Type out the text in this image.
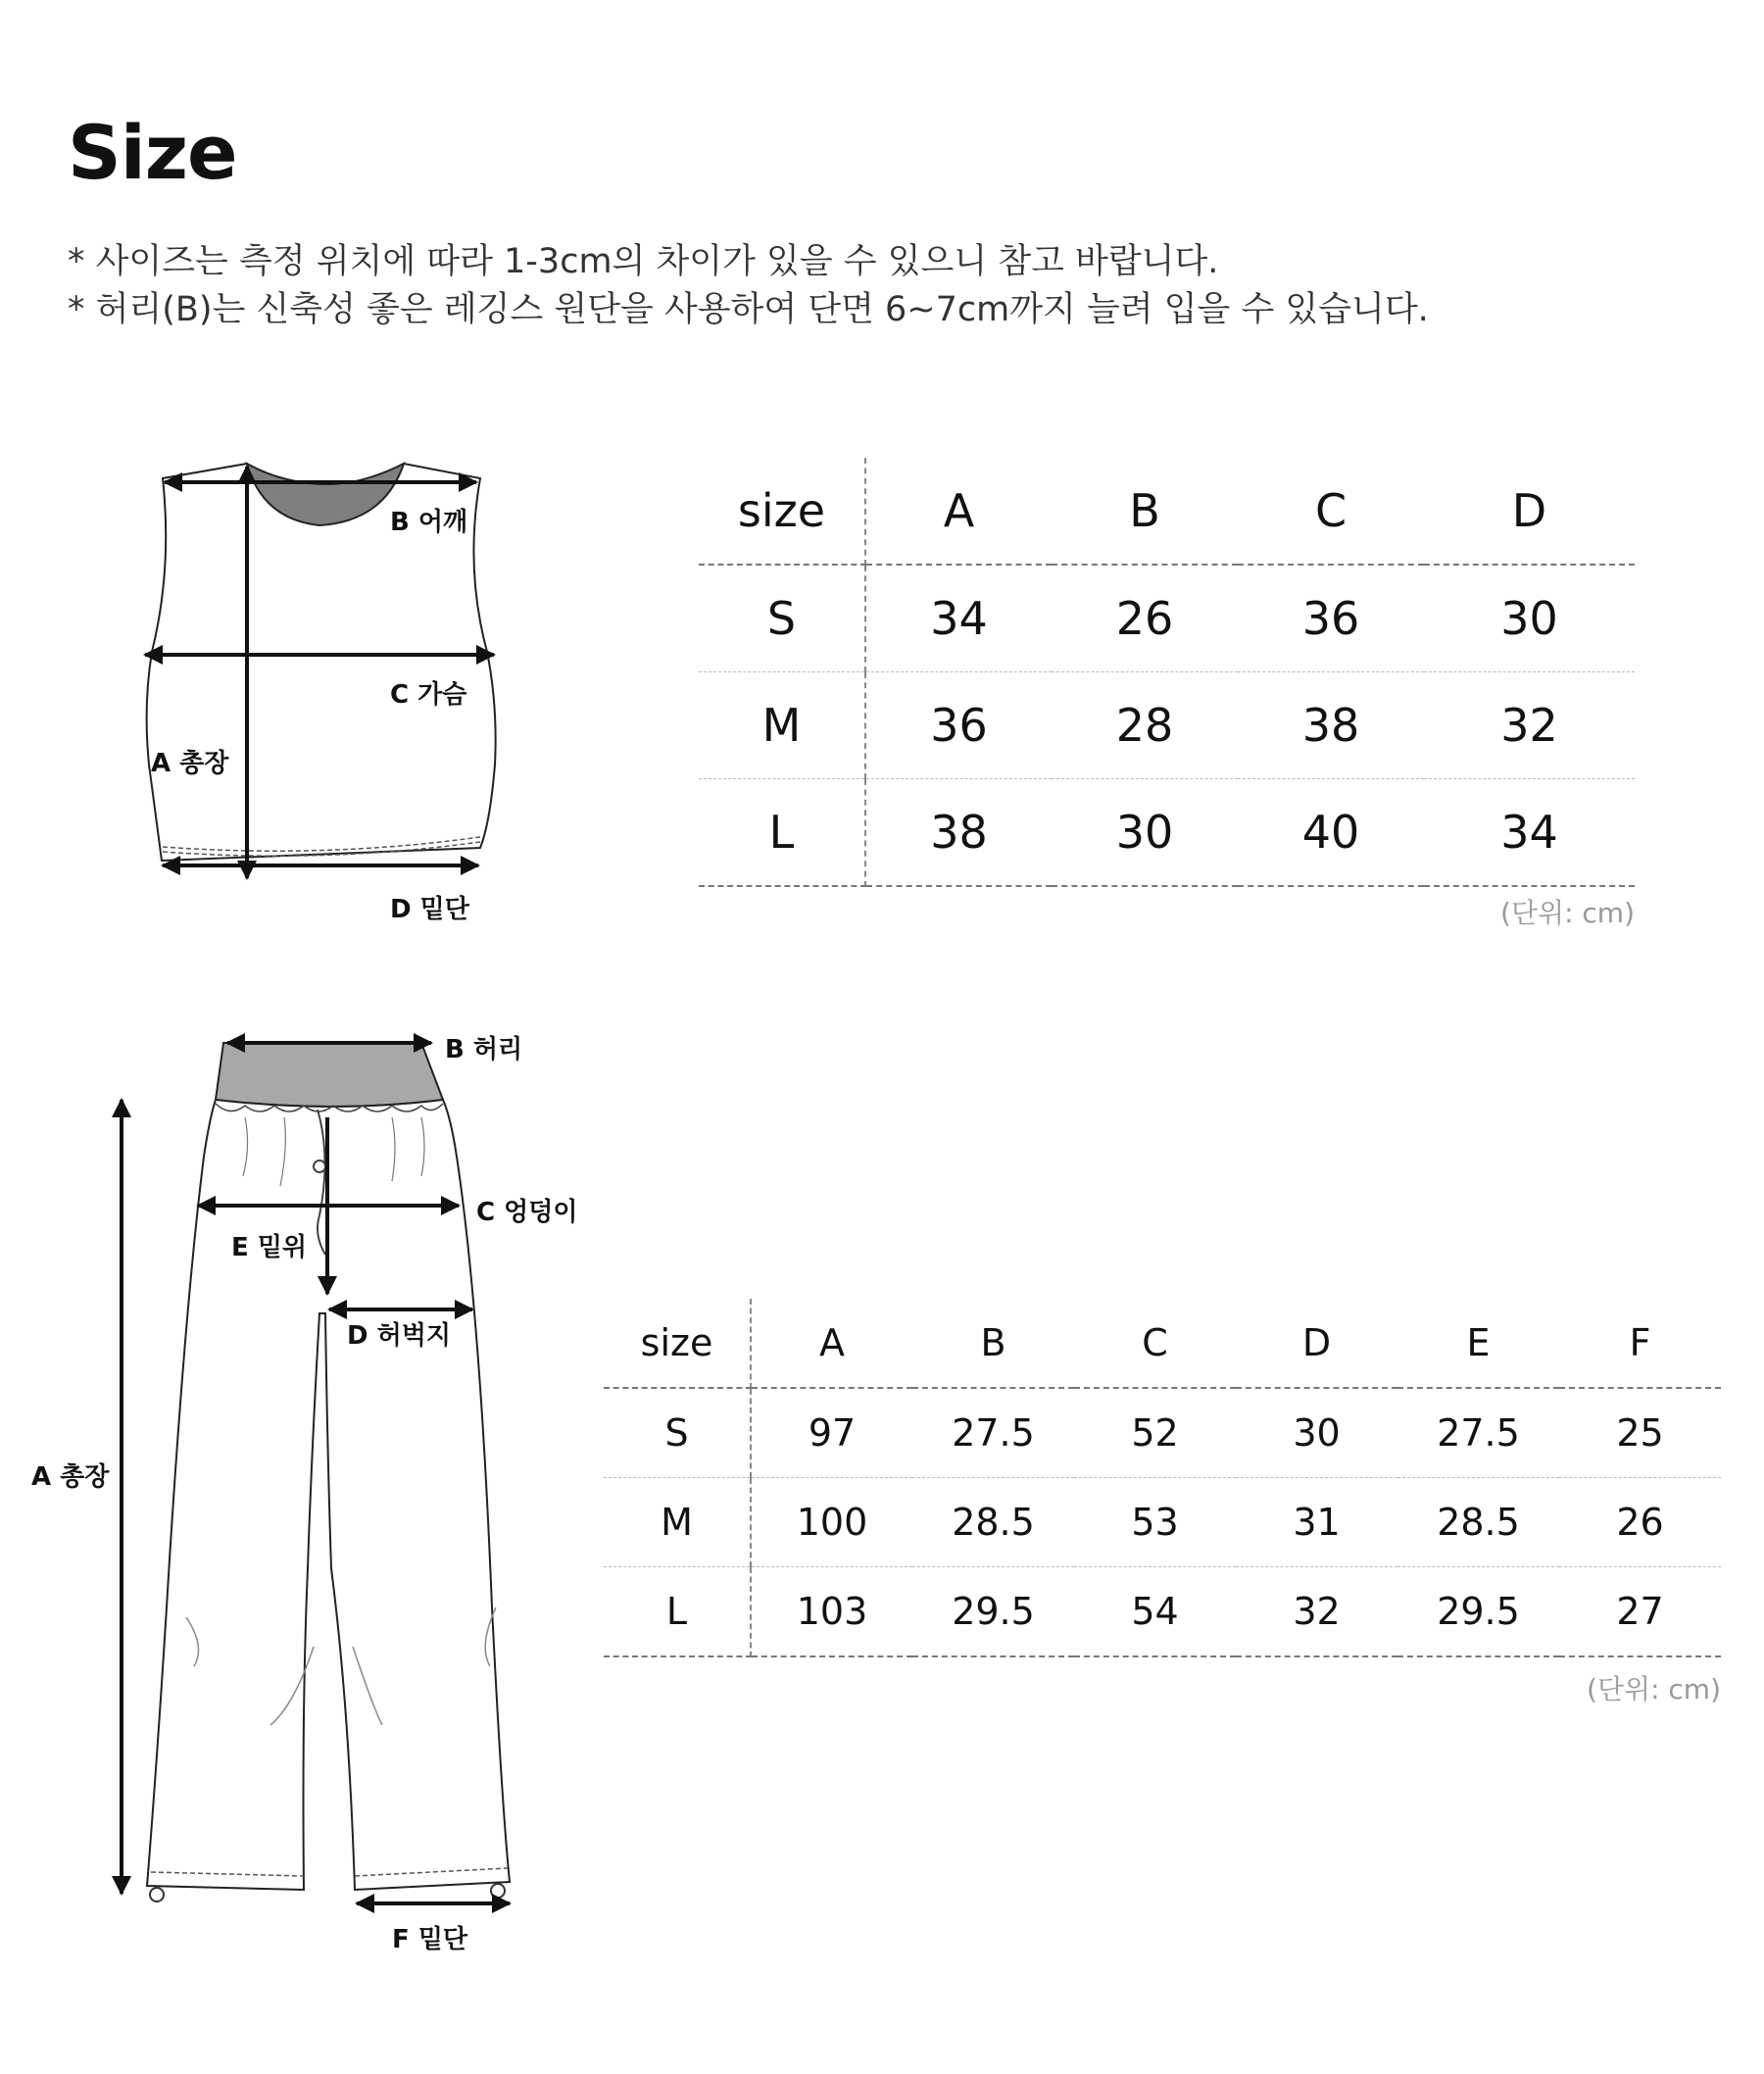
Size
* 사이즈는 측정 위치에 따라 1-3cm의 차이가 있을 수 있으니 참고 바랍니다.
* 허리(B)는 신축성 좋은 레깅스 원단을 사용하여 단면 6~7cm까지 늘려 입을 수 있습니다.
B 어깨
C 가슴
A 총장
D 밑단
size	A	B	C	D
S	34	26	36	30
M	36	28	38	32
L	38	30	40	34
(단위: cm)
B 허리
C 엉덩이
E 밑위
D 허벅지
A 총장
F 밑단
size	A	B	C	D	E	F
S	97	27.5	52	30	27.5	25
M	100	28.5	53	31	28.5	26
L	103	29.5	54	32	29.5	27
(단위: cm)
